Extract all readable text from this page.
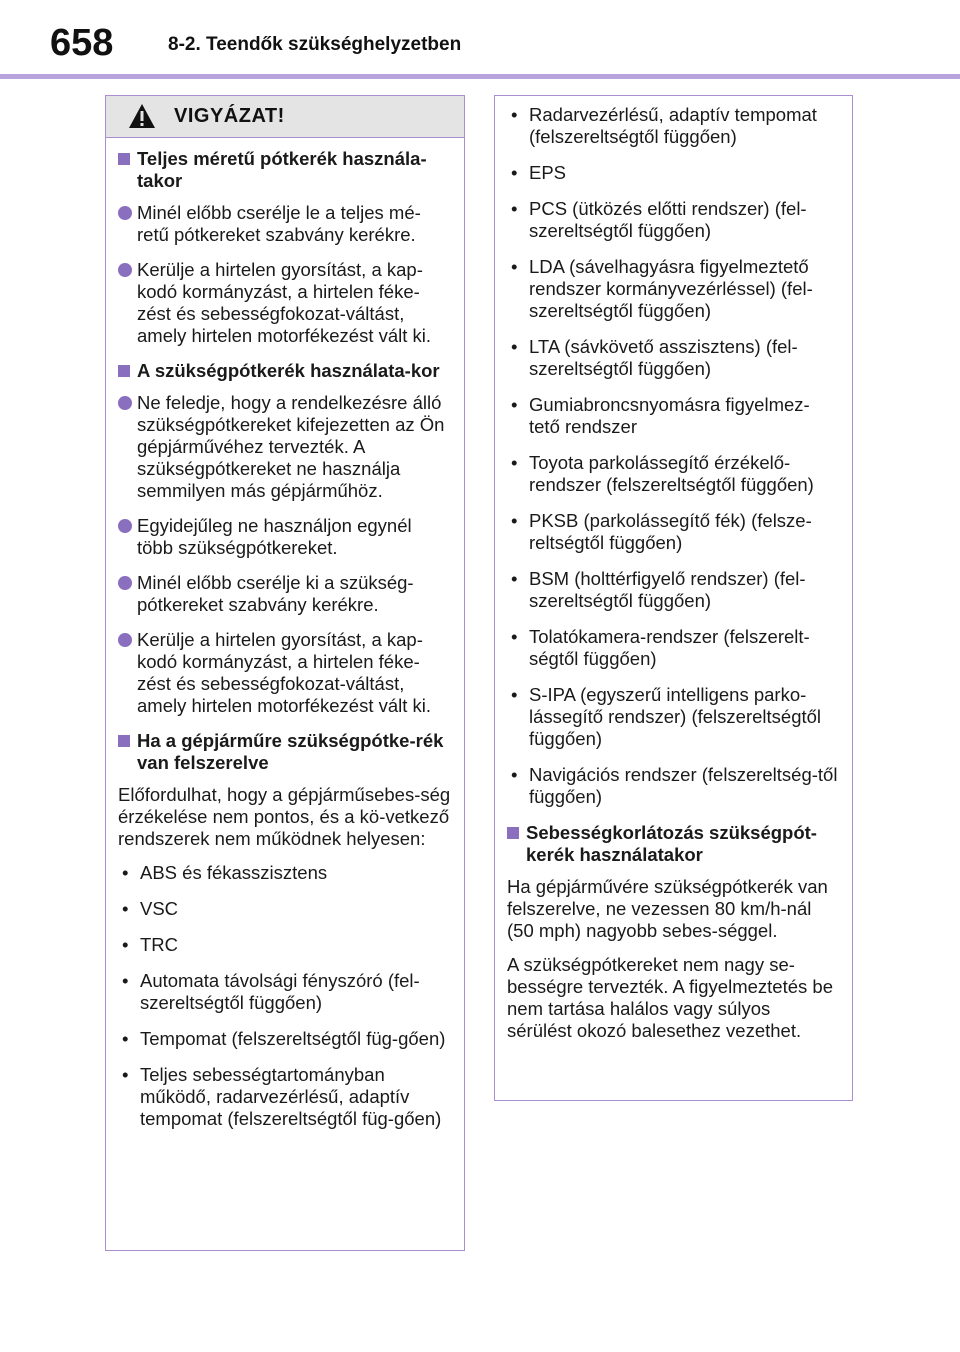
658	8-2. Teendők szükséghelyzetben
VIGYÁZAT!
Teljes méretű pótkerék használa-takor
Minél előbb cserélje le a teljes mé-retű pótkereket szabvány kerékre.
Kerülje a hirtelen gyorsítást, a kap-kodó kormányzást, a hirtelen féke-zést és sebességfokozat-váltást, amely hirtelen motorfékezést vált ki.
A szükségpótkerék használata-kor
Ne feledje, hogy a rendelkezésre álló szükségpótkereket kifejezetten az Ön gépjárművéhez tervezték. A szükségpótkereket ne használja semmilyen más gépjárműhöz.
Egyidejűleg ne használjon egynél több szükségpótkereket.
Minél előbb cserélje ki a szükség-pótkereket szabvány kerékre.
Kerülje a hirtelen gyorsítást, a kap-kodó kormányzást, a hirtelen féke-zést és sebességfokozat-váltást, amely hirtelen motorfékezést vált ki.
Ha a gépjárműre szükségpótke-rék van felszerelve
Előfordulhat, hogy a gépjárműsebes-ség érzékelése nem pontos, és a kö-vetkező rendszerek nem működnek helyesen:
• ABS és fékasszisztens
• VSC
• TRC
• Automata távolsági fényszóró (fel-szereltségtől függően)
• Tempomat (felszereltségtől füg-gően)
• Teljes sebességtartományban működő, radarvezérlésű, adaptív tempomat (felszereltségtől füg-gően)
• Radarvezérlésű, adaptív tempomat (felszereltségtől függően)
• EPS
• PCS (ütközés előtti rendszer) (fel-szereltségtől függően)
• LDA (sávelhagyásra figyelmeztető rendszer kormányvezérléssel) (fel-szereltségtől függően)
• LTA (sávkövető asszisztens) (fel-szereltségtől függően)
• Gumiabroncsnyomásra figyelmez-tető rendszer
• Toyota parkolássegítő érzékelő-rendszer (felszereltségtől függően)
• PKSB (parkolássegítő fék) (felsze-reltségtől függően)
• BSM (holttérfigyelő rendszer) (fel-szereltségtől függően)
• Tolatókamera-rendszer (felszerelt-ségtől függően)
• S-IPA (egyszerű intelligens parko-lássegítő rendszer) (felszereltségtől függően)
• Navigációs rendszer (felszereltség-től függően)
Sebességkorlátozás szükségpót-kerék használatakor
Ha gépjárművére szükségpótkerék van felszerelve, ne vezessen 80 km/h-nál (50 mph) nagyobb sebes-séggel.
A szükségpótkereket nem nagy se-bességre tervezték. A figyelmeztetés be nem tartása halálos vagy súlyos sérülést okozó balesethez vezethet.
